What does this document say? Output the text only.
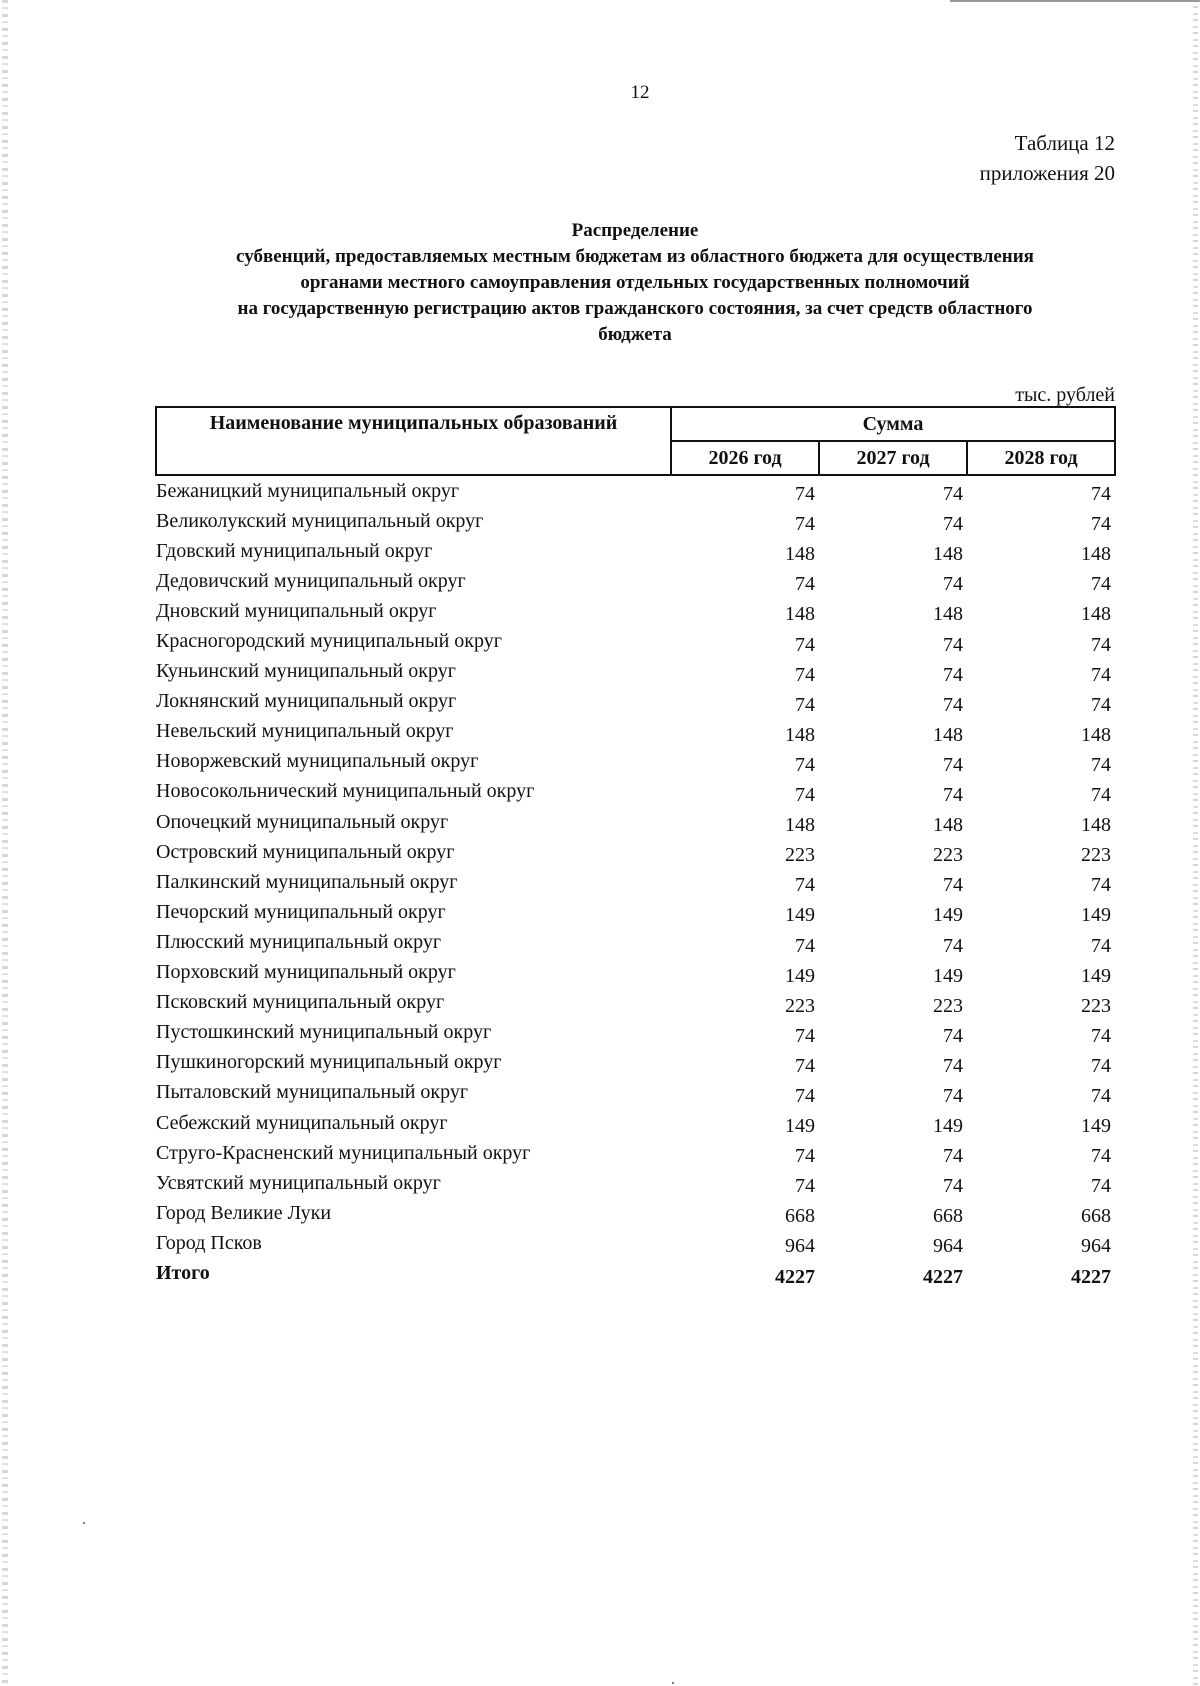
12
Таблица 12
приложения 20
Распределение
субвенций, предоставляемых местным бюджетам из областного бюджета для осуществления
органами местного самоуправления отдельных государственных полномочий
на государственную регистрацию актов гражданского состояния, за счет средств областного
бюджета
тыс. рублей
Наименование муниципальных образований	Сумма		
	2026 год	2027 год	2028 год
Бежаницкий муниципальный округ	74	74	74
Великолукский муниципальный округ	74	74	74
Гдовский муниципальный округ	148	148	148
Дедовичский муниципальный округ	74	74	74
Дновский муниципальный округ	148	148	148
Красногородский муниципальный округ	74	74	74
Куньинский муниципальный округ	74	74	74
Локнянский муниципальный округ	74	74	74
Невельский муниципальный округ	148	148	148
Новоржевский муниципальный округ	74	74	74
Новосокольнический муниципальный округ	74	74	74
Опочецкий муниципальный округ	148	148	148
Островский муниципальный округ	223	223	223
Палкинский муниципальный округ	74	74	74
Печорский муниципальный округ	149	149	149
Плюсский муниципальный округ	74	74	74
Порховский муниципальный округ	149	149	149
Псковский муниципальный округ	223	223	223
Пустошкинский муниципальный округ	74	74	74
Пушкиногорский муниципальный округ	74	74	74
Пыталовский муниципальный округ	74	74	74
Себежский муниципальный округ	149	149	149
Струго-Красненский муниципальный округ	74	74	74
Усвятский муниципальный округ	74	74	74
Город Великие Луки	668	668	668
Город Псков	964	964	964
Итого	4227	4227	4227
